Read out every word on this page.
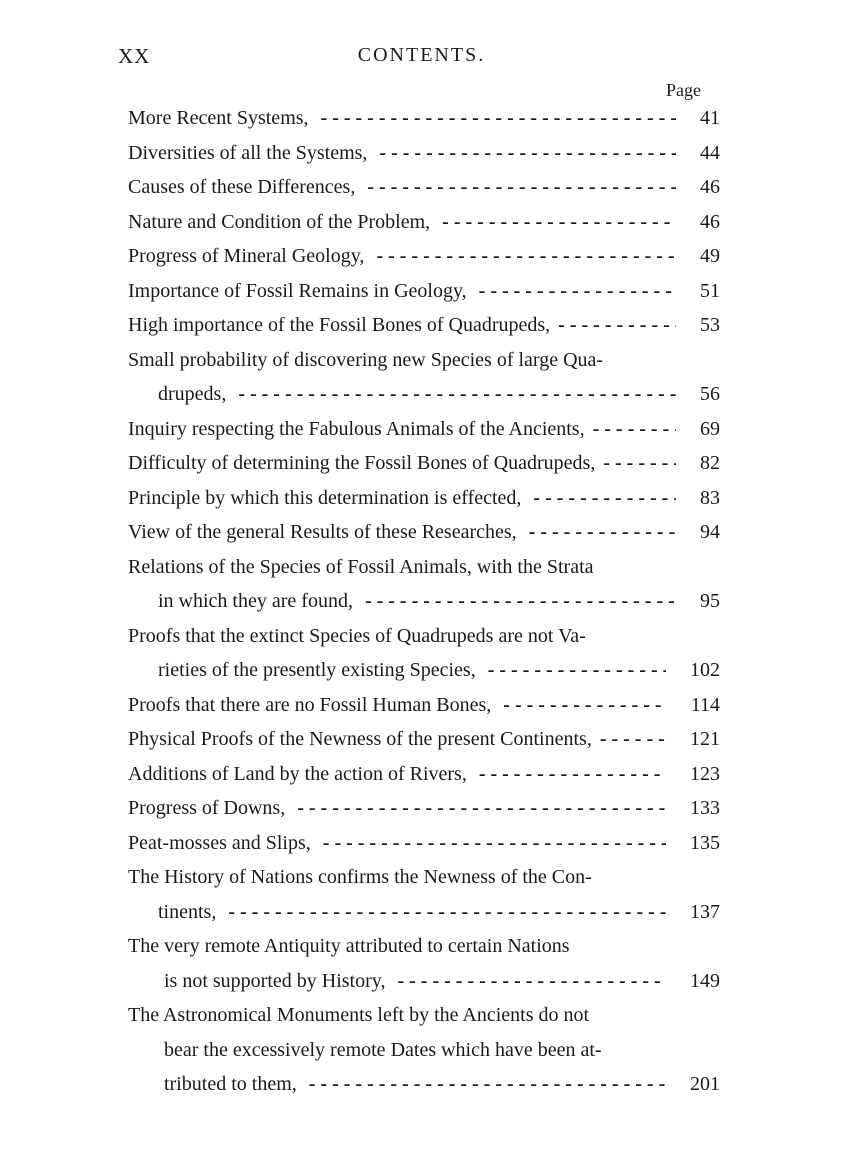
XX	CONTENTS.
Page
More Recent Systems, - - -	41
Diversities of all the Systems, - - -	44
Causes of these Differences, - - -	46
Nature and Condition of the Problem, - - -	46
Progress of Mineral Geology, - - -	49
Importance of Fossil Remains in Geology, - - -	51
High importance of the Fossil Bones of Quadrupeds, - - -	53
Small probability of discovering new Species of large Qua-
drupeds, - - -	56
Inquiry respecting the Fabulous Animals of the Ancients, - - -	69
Difficulty of determining the Fossil Bones of Quadrupeds, - - -	82
Principle by which this determination is effected, - - -	83
View of the general Results of these Researches, - - -	94
Relations of the Species of Fossil Animals, with the Strata
in which they are found, - - -	95
Proofs that the extinct Species of Quadrupeds are not Va-
rieties of the presently existing Species, - - -	102
Proofs that there are no Fossil Human Bones, - - -	114
Physical Proofs of the Newness of the present Continents, - - -	121
Additions of Land by the action of Rivers, - - -	123
Progress of Downs, - - -	133
Peat-mosses and Slips, - - -	135
The History of Nations confirms the Newness of the Con-
tinents, - - -	137
The very remote Antiquity attributed to certain Nations
is not supported by History, - - -	149
The Astronomical Monuments left by the Ancients do not
bear the excessively remote Dates which have been at-
tributed to them, - - -	201
